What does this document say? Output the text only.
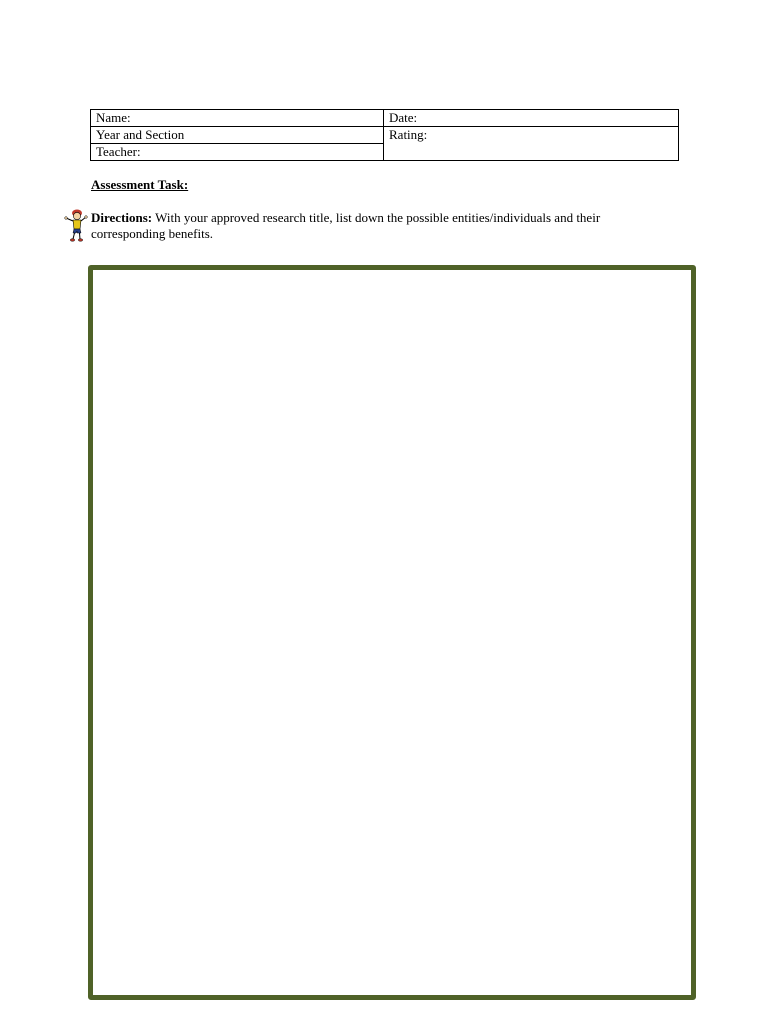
Name:	Date:
Year and Section	Rating:
Teacher:	

Assessment Task:

Directions: With your approved research title, list down the possible entities/individuals and their corresponding benefits.
